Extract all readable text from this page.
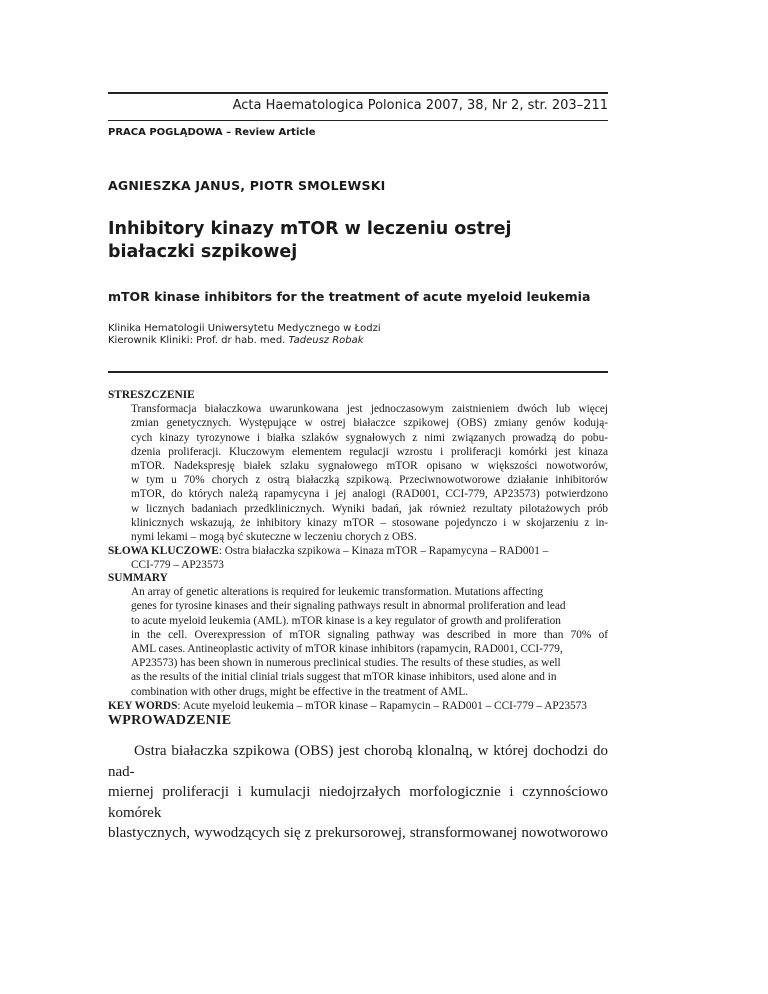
Acta Haematologica Polonica 2007, 38, Nr 2, str. 203–211
PRACA POGLĄDOWA – Review Article
AGNIESZKA JANUS, PIOTR SMOLEWSKI
Inhibitory kinazy mTOR w leczeniu ostrej białaczki szpikowej
mTOR kinase inhibitors for the treatment of acute myeloid leukemia
Klinika Hematologii Uniwersytetu Medycznego w Łodzi
Kierownik Kliniki: Prof. dr hab. med. Tadeusz Robak
STRESZCZENIE
Transformacja białaczkowa uwarunkowana jest jednoczasowym zaistnieniem dwóch lub więcej
zmian genetycznych. Występujące w ostrej białaczce szpikowej (OBS) zmiany genów kodują-
cych kinazy tyrozynowe i białka szlaków sygnałowych z nimi związanych prowadzą do pobu-
dzenia proliferacji. Kluczowym elementem regulacji wzrostu i proliferacji komórki jest kinaza
mTOR. Nadekspresję białek szlaku sygnałowego mTOR opisano w większości nowotworów,
w tym u 70% chorych z ostrą białaczką szpikową. Przeciwnowotworowe działanie inhibitorów
mTOR, do których należą rapamycyna i jej analogi (RAD001, CCI-779, AP23573) potwierdzono
w licznych badaniach przedklinicznych. Wyniki badań, jak również rezultaty pilotażowych prób
klinicznych wskazują, że inhibitory kinazy mTOR – stosowane pojedynczo i w skojarzeniu z in-
nymi lekami – mogą być skuteczne w leczeniu chorych z OBS.
SŁOWA KLUCZOWE: Ostra białaczka szpikowa – Kinaza mTOR – Rapamycyna – RAD001 –
CCI-779 – AP23573
SUMMARY
An array of genetic alterations is required for leukemic transformation. Mutations affecting
genes for tyrosine kinases and their signaling pathways result in abnormal proliferation and lead
to acute myeloid leukemia (AML). mTOR kinase is a key regulator of growth and proliferation
in the cell. Overexpression of mTOR signaling pathway was described in more than 70% of
AML cases. Antineoplastic activity of mTOR kinase inhibitors (rapamycin, RAD001, CCI-779,
AP23573) has been shown in numerous preclinical studies. The results of these studies, as well
as the results of the initial clinial trials suggest that mTOR kinase inhibitors, used alone and in
combination with other drugs, might be effective in the treatment of AML.
KEY WORDS: Acute myeloid leukemia – mTOR kinase – Rapamycin – RAD001 – CCI-779 – AP23573
WPROWADZENIE
Ostra białaczka szpikowa (OBS) jest chorobą klonalną, w której dochodzi do nad-
miernej proliferacji i kumulacji niedojrzałych morfologicznie i czynnościowo komórek
blastycznych, wywodzących się z prekursorowej, stransformowanej nowotworowo
